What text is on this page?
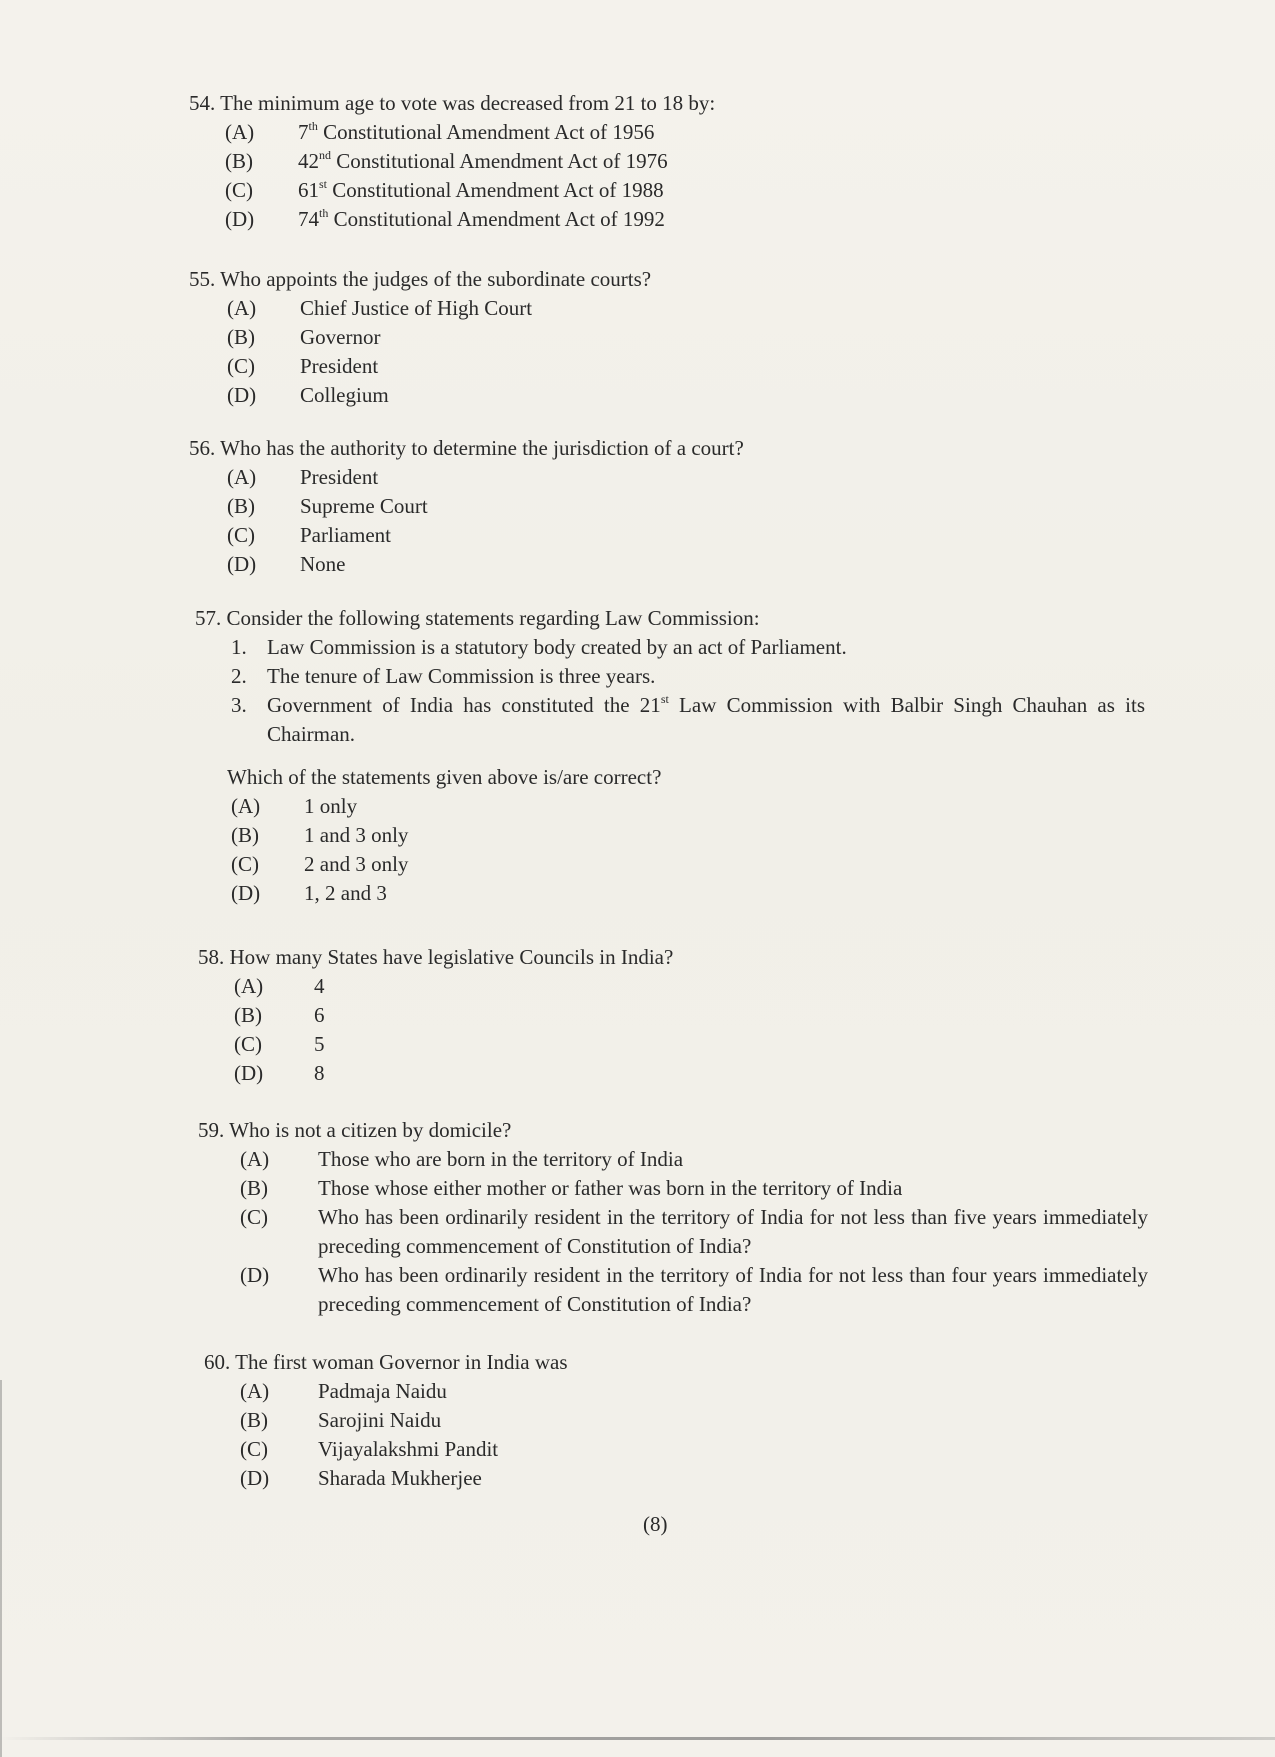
54. The minimum age to vote was decreased from 21 to 18 by:
(A)	7th Constitutional Amendment Act of 1956
(B)	42nd Constitutional Amendment Act of 1976
(C)	61st Constitutional Amendment Act of 1988
(D)	74th Constitutional Amendment Act of 1992
55. Who appoints the judges of the subordinate courts?
(A)	Chief Justice of High Court
(B)	Governor
(C)	President
(D)	Collegium
56. Who has the authority to determine the jurisdiction of a court?
(A)	President
(B)	Supreme Court
(C)	Parliament
(D)	None
57. Consider the following statements regarding Law Commission:
1. Law Commission is a statutory body created by an act of Parliament.
2. The tenure of Law Commission is three years.
3. Government of India has constituted the 21st Law Commission with Balbir Singh Chauhan as its Chairman.
Which of the statements given above is/are correct?
(A)	1 only
(B)	1 and 3 only
(C)	2 and 3 only
(D)	1, 2 and 3
58. How many States have legislative Councils in India?
(A)	4
(B)	6
(C)	5
(D)	8
59. Who is not a citizen by domicile?
(A)	Those who are born in the territory of India
(B)	Those whose either mother or father was born in the territory of India
(C)	Who has been ordinarily resident in the territory of India for not less than five years immediately preceding commencement of Constitution of India?
(D)	Who has been ordinarily resident in the territory of India for not less than four years immediately preceding commencement of Constitution of India?
60. The first woman Governor in India was
(A)	Padmaja Naidu
(B)	Sarojini Naidu
(C)	Vijayalakshmi Pandit
(D)	Sharada Mukherjee
(8)
